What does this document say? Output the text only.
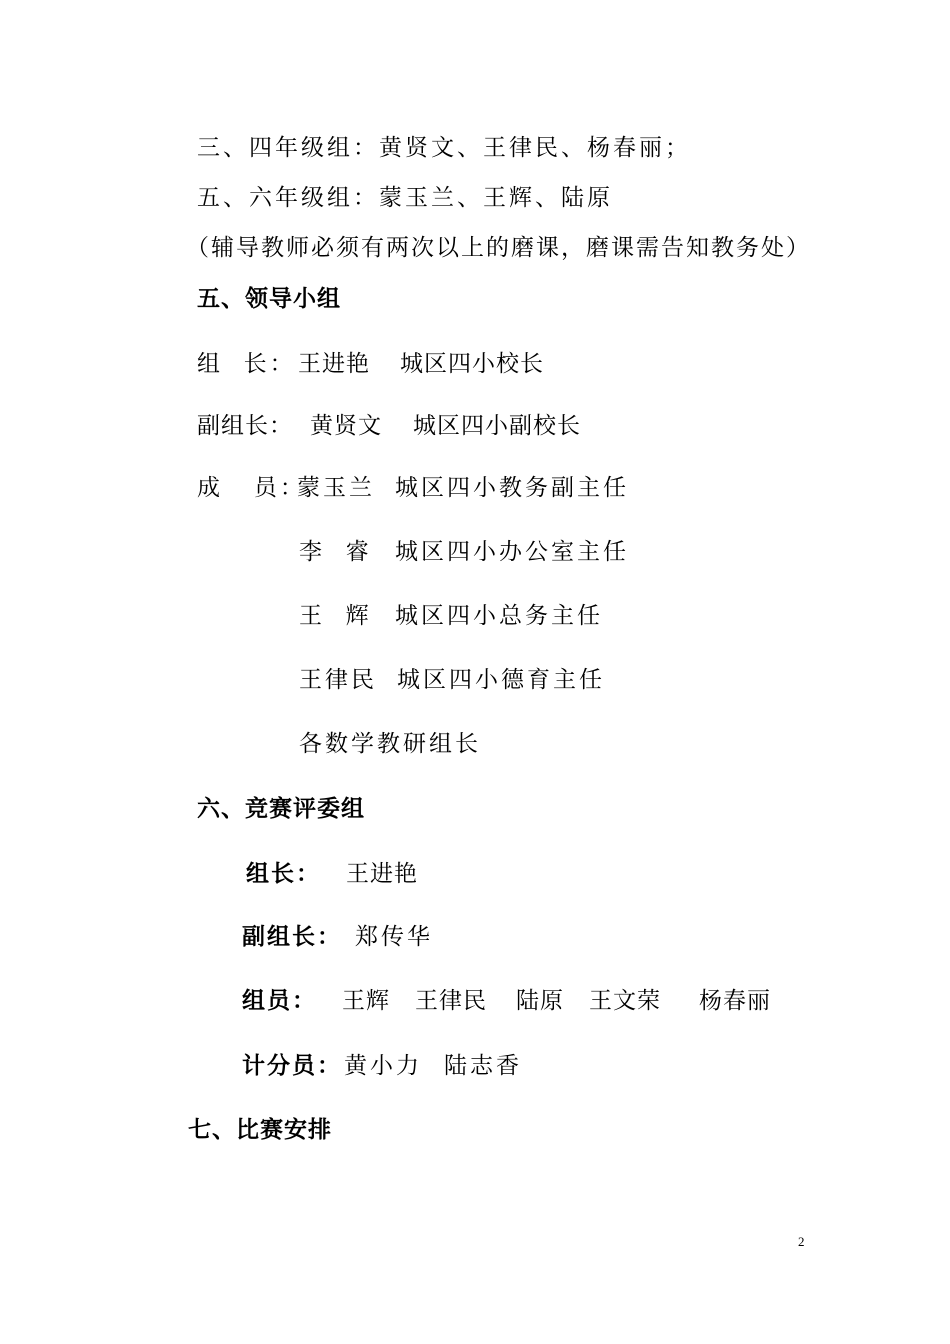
三、四年级组：黄贤文、王律民、杨春丽；
五、六年级组：蒙玉兰、王辉、陆原
（辅导教师必须有两次以上的磨课，磨课需告知教务处）
五、领导小组
组  长： 王进艳 城区四小校长
副组长： 黄贤文 城区四小副校长
成   员：
蒙玉兰 城区四小教务副主任
李  睿 城区四小办公室主任
王  辉 城区四小总务主任
王律民 城区四小德育主任
各数学教研组长
六、竞赛评委组
组长： 王进艳
副组长： 郑传华
组员： 王辉 王律民 陆原 王文荣 杨春丽
计分员： 黄小力 陆志香
七、比赛安排
2
